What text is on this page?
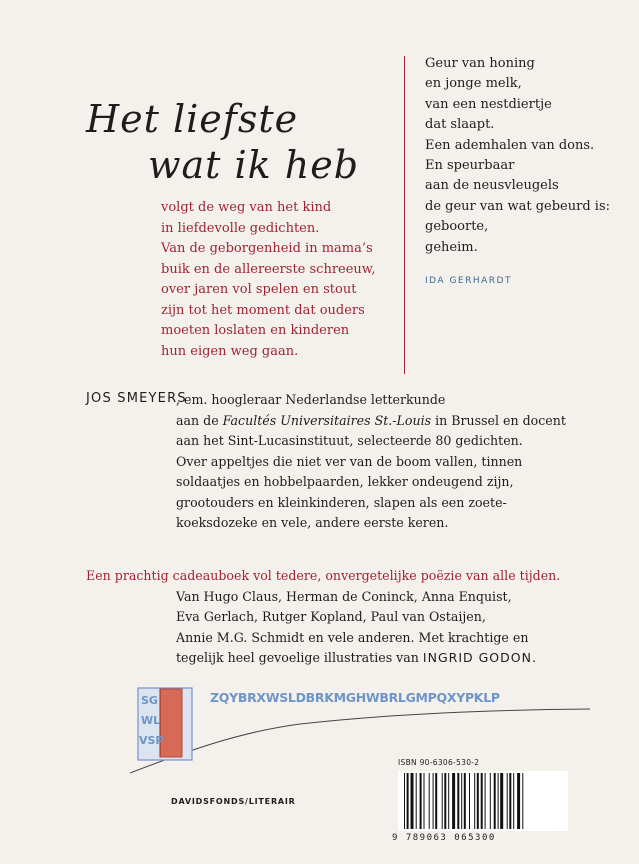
Het liefste
wat ik heb
volgt de weg van het kind
in liefdevolle gedichten.
Van de geborgenheid in mama’s
buik en de allereerste schreeuw,
over jaren vol spelen en stout
zijn tot het moment dat ouders
moeten loslaten en kinderen
hun eigen weg gaan.
Geur van honing
en jonge melk,
van een nestdiertje
dat slaapt.
Een ademhalen van dons.
En speurbaar
aan de neusvleugels
de geur van wat gebeurd is:
geboorte,
geheim.
IDA GERHARDT
JOS SMEYERS
, em. hoogleraar Nederlandse letterkunde
aan de Facultés Universitaires St.-Louis in Brussel en docent
aan het Sint-Lucasinstituut, selecteerde 80 gedichten.
Over appeltjes die niet ver van de boom vallen, tinnen
soldaatjes en hobbelpaarden, lekker ondeugend zijn,
grootouders en kleinkinderen, slapen als een zoete-
koeksdozeke en vele, andere eerste keren.
Een prachtig cadeauboek vol tedere, onvergetelijke poëzie van alle tijden.
Van Hugo Claus, Herman de Coninck, Anna Enquist,
Eva Gerlach, Rutger Kopland, Paul van Ostaijen,
Annie M.G. Schmidt en vele anderen. Met krachtige en
tegelijk heel gevoelige illustraties van INGRID GODON.
SG
WL
VSP
ZQYBRXWSLDBRKMGHWBRLGMPQXYPKLP
DAVIDSFONDS/LITERAIR
ISBN 90-6306-530-2
9 789063 065300
